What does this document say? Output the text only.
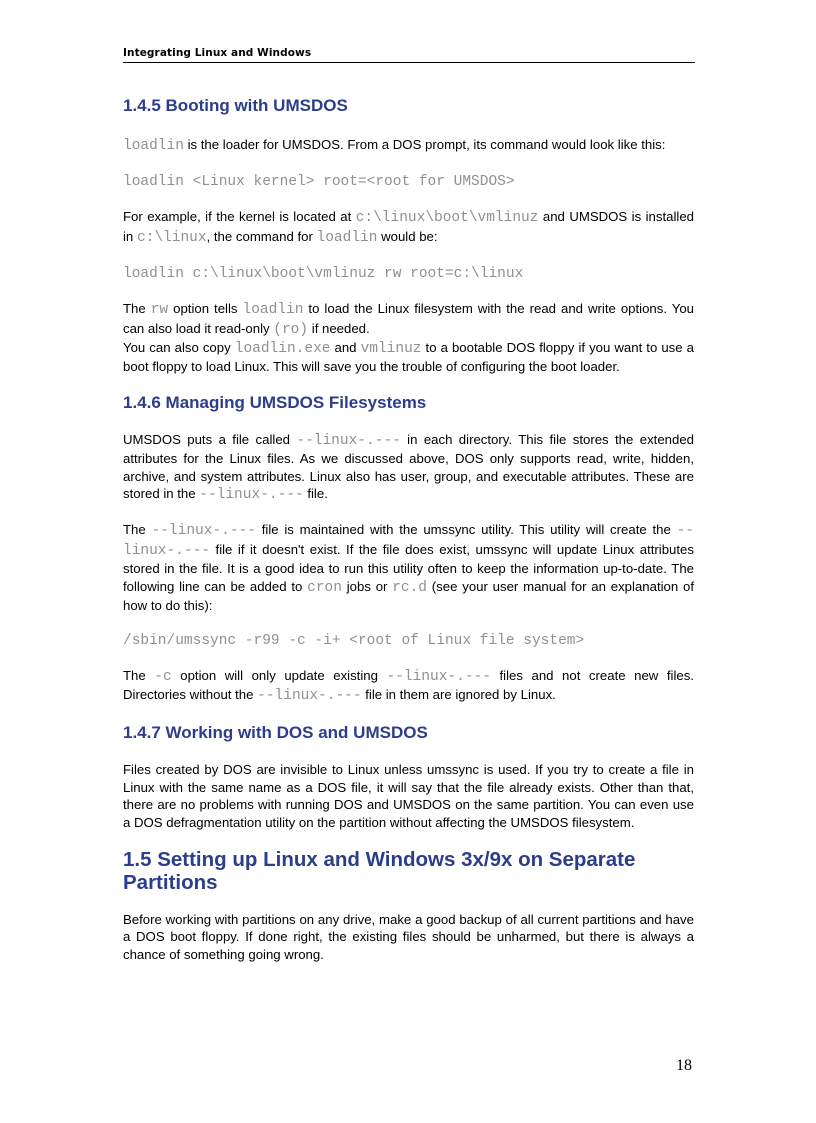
Integrating Linux and Windows
1.4.5 Booting with UMSDOS

loadlin is the loader for UMSDOS. From a DOS prompt, its command would look like this:

loadlin <Linux kernel> root=<root for UMSDOS>

For example, if the kernel is located at c:\linux\boot\vmlinuz and UMSDOS is installed in c:\linux, the command for loadlin would be:

loadlin c:\linux\boot\vmlinuz rw root=c:\linux

The rw option tells loadlin to load the Linux filesystem with the read and write options. You can also load it read-only (ro) if needed.

You can also copy loadlin.exe and vmlinuz to a bootable DOS floppy if you want to use a boot floppy to load Linux. This will save you the trouble of configuring the boot loader.

1.4.6 Managing UMSDOS Filesystems

UMSDOS puts a file called --linux-.--- in each directory. This file stores the extended attributes for the Linux files. As we discussed above, DOS only supports read, write, hidden, archive, and system attributes. Linux also has user, group, and executable attributes. These are stored in the --linux-.--- file.

The --linux-.--- file is maintained with the umssync utility. This utility will create the --linux-.--- file if it doesn't exist. If the file does exist, umssync will update Linux attributes stored in the file. It is a good idea to run this utility often to keep the information up-to-date. The following line can be added to cron jobs or rc.d (see your user manual for an explanation of how to do this):

/sbin/umssync -r99 -c -i+ <root of Linux file system>

The -c option will only update existing --linux-.--- files and not create new files. Directories without the --linux-.--- file in them are ignored by Linux.

1.4.7 Working with DOS and UMSDOS

Files created by DOS are invisible to Linux unless umssync is used. If you try to create a file in Linux with the same name as a DOS file, it will say that the file already exists. Other than that, there are no problems with running DOS and UMSDOS on the same partition. You can even use a DOS defragmentation utility on the partition without affecting the UMSDOS filesystem.

1.5 Setting up Linux and Windows 3x/9x on Separate Partitions

Before working with partitions on any drive, make a good backup of all current partitions and have a DOS boot floppy. If done right, the existing files should be unharmed, but there is always a chance of something going wrong.

18
